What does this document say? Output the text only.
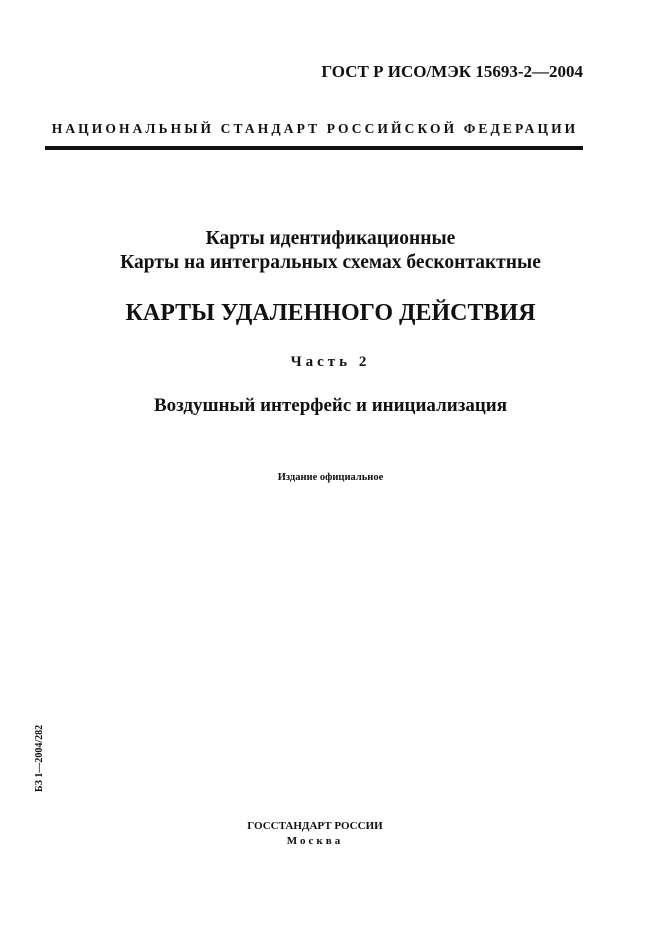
ГОСТ Р ИСО/МЭК 15693-2—2004
НАЦИОНАЛЬНЫЙ СТАНДАРТ РОССИЙСКОЙ ФЕДЕРАЦИИ
Карты идентификационные
Карты на интегральных схемах бесконтактные
КАРТЫ УДАЛЕННОГО ДЕЙСТВИЯ
Часть 2
Воздушный интерфейс и инициализация
Издание официальное
БЗ 1—2004/282
ГОССТАНДАРТ РОССИИ
Москва
